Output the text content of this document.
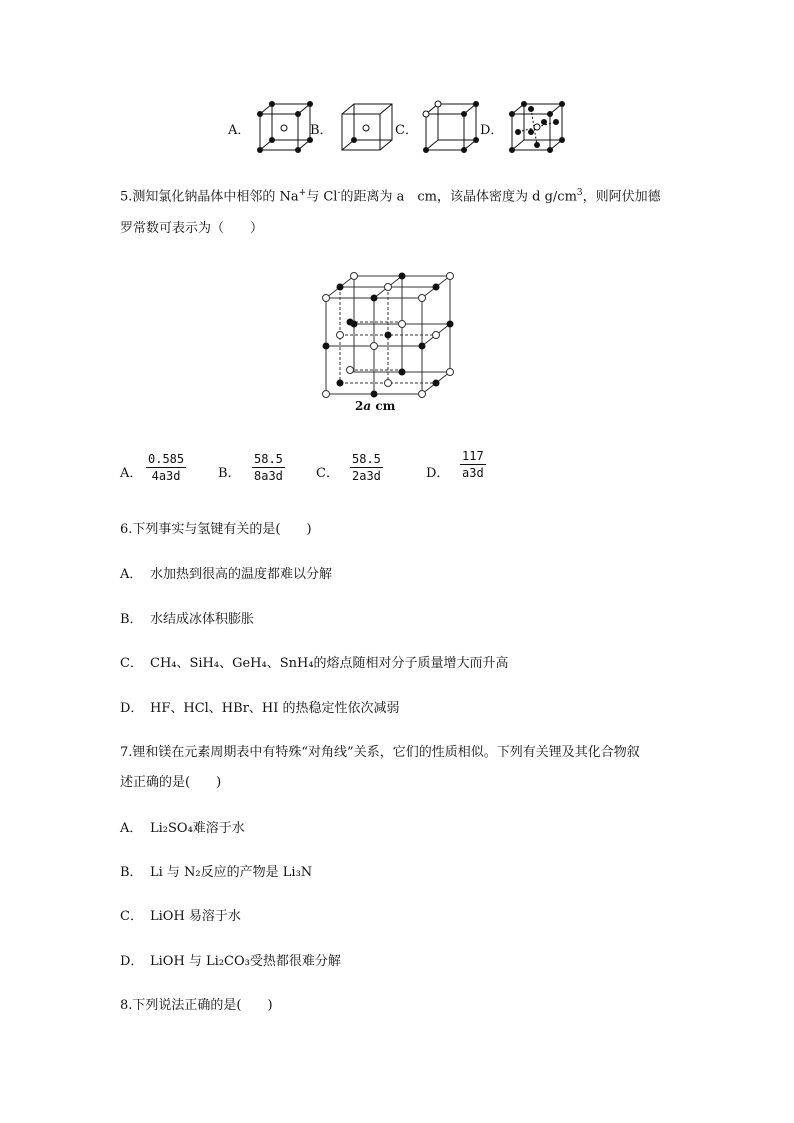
A．	B．	C．	D．
5.测知氯化钠晶体中相邻的 Na+与 Cl-的距离为 a　cm，该晶体密度为 d $g/cm^3$，则阿伏加德
罗常数可表示为（　　）
2a cm
A． $\frac{0.585}{4a3d}$ B． $\frac{58.5}{8a3d}$ C． $\frac{58.5}{2a3d}$	D． $\frac{117}{a3d}$
6.下列事实与氢键有关的是(　　)
A． 水加热到很高的温度都难以分解
B． 水结成冰体积膨胀
C． CH₄、SiH₄、GeH₄、SnH₄的熔点随相对分子质量增大而升高
D． HF、HCl、HBr、HI 的热稳定性依次减弱
7.锂和镁在元素周期表中有特殊“对角线”关系，它们的性质相似。下列有关锂及其化合物叙
述正确的是(　　)
A． Li₂SO₄难溶于水
B． Li 与 N₂反应的产物是 Li₃N
C． LiOH 易溶于水
D． LiOH 与 Li₂CO₃受热都很难分解
8.下列说法正确的是(　　)
